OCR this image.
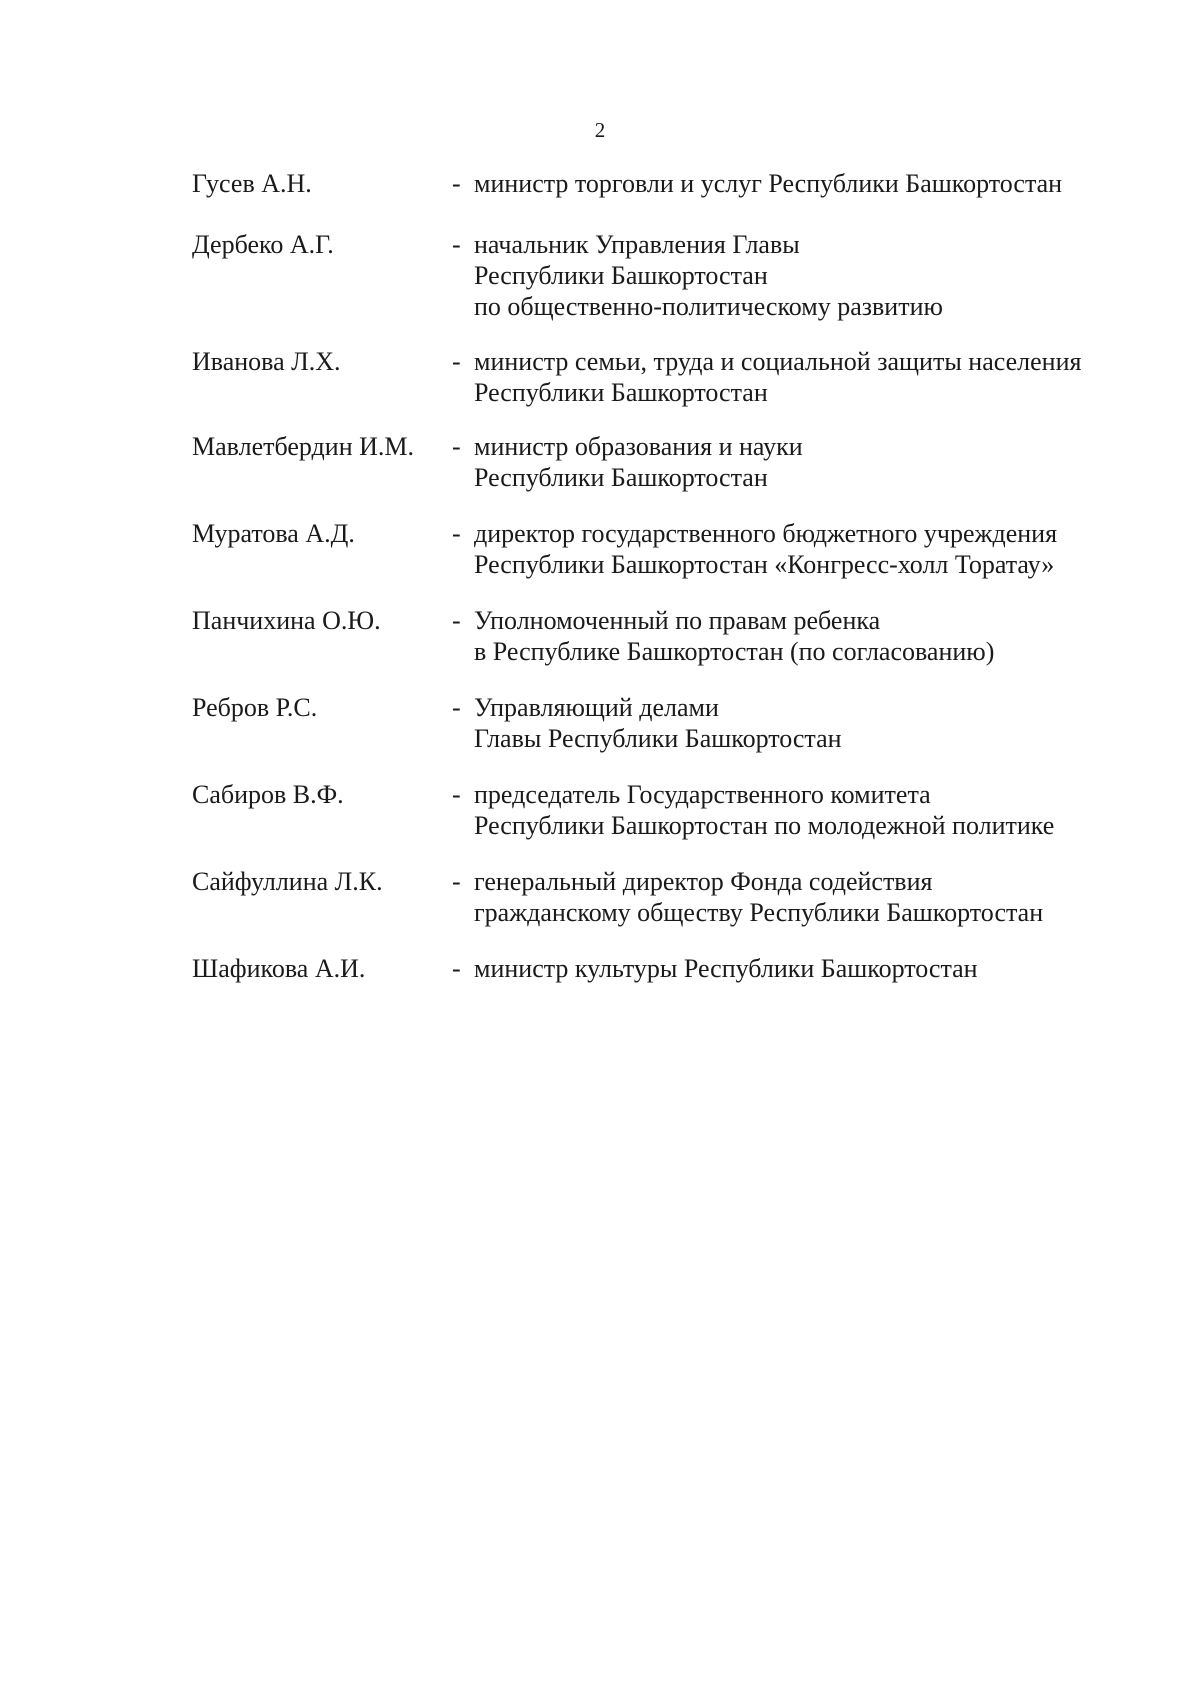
2
Гусев А.Н.	- министр торговли и услуг Республики Башкортостан
Дербеко А.Г.	- начальник Управления Главы
Республики Башкортостан
по общественно-политическому развитию
Иванова Л.Х.	- министр семьи, труда и социальной защиты населения
Республики Башкортостан
Мавлетбердин И.М.	- министр образования и науки
Республики Башкортостан
Муратова А.Д.	- директор государственного бюджетного учреждения
Республики Башкортостан «Конгресс-холл Торатау»
Панчихина О.Ю.	- Уполномоченный по правам ребенка
в Республике Башкортостан (по согласованию)
Ребров Р.С.	- Управляющий делами
Главы Республики Башкортостан
Сабиров В.Ф.	- председатель Государственного комитета
Республики Башкортостан по молодежной политике
Сайфуллина Л.К.	- генеральный директор Фонда содействия
гражданскому обществу Республики Башкортостан
Шафикова А.И.	- министр культуры Республики Башкортостан
